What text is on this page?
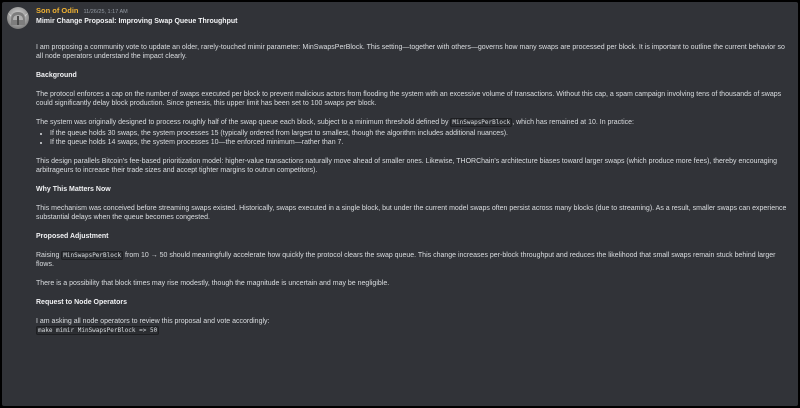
Son of Odin 11/26/25, 1:17 AM

Mimir Change Proposal: Improving Swap Queue Throughput

I am proposing a community vote to update an older, rarely-touched mimir parameter: MinSwapsPerBlock. This setting—together with others—governs how many swaps are processed per block. It is important to outline the current behavior so all node operators understand the impact clearly.

Background

The protocol enforces a cap on the number of swaps executed per block to prevent malicious actors from flooding the system with an excessive volume of transactions. Without this cap, a spam campaign involving tens of thousands of swaps could significantly delay block production. Since genesis, this upper limit has been set to 100 swaps per block.

The system was originally designed to process roughly half of the swap queue each block, subject to a minimum threshold defined by MinSwapsPerBlock , which has remained at 10. In practice:

• If the queue holds 30 swaps, the system processes 15 (typically ordered from largest to smallest, though the algorithm includes additional nuances).
• If the queue holds 14 swaps, the system processes 10—the enforced minimum—rather than 7.

This design parallels Bitcoin's fee-based prioritization model: higher-value transactions naturally move ahead of smaller ones. Likewise, THORChain's architecture biases toward larger swaps (which produce more fees), thereby encouraging arbitrageurs to increase their trade sizes and accept tighter margins to outrun competitors).

Why This Matters Now

This mechanism was conceived before streaming swaps existed. Historically, swaps executed in a single block, but under the current model swaps often persist across many blocks (due to streaming). As a result, smaller swaps can experience substantial delays when the queue becomes congested.

Proposed Adjustment

Raising MinSwapsPerBlock from 10 → 50 should meaningfully accelerate how quickly the protocol clears the swap queue. This change increases per-block throughput and reduces the likelihood that small swaps remain stuck behind larger flows.

There is a possibility that block times may rise modestly, though the magnitude is uncertain and may be negligible.

Request to Node Operators

I am asking all node operators to review this proposal and vote accordingly:

make mimir MinSwapsPerBlock => 50
